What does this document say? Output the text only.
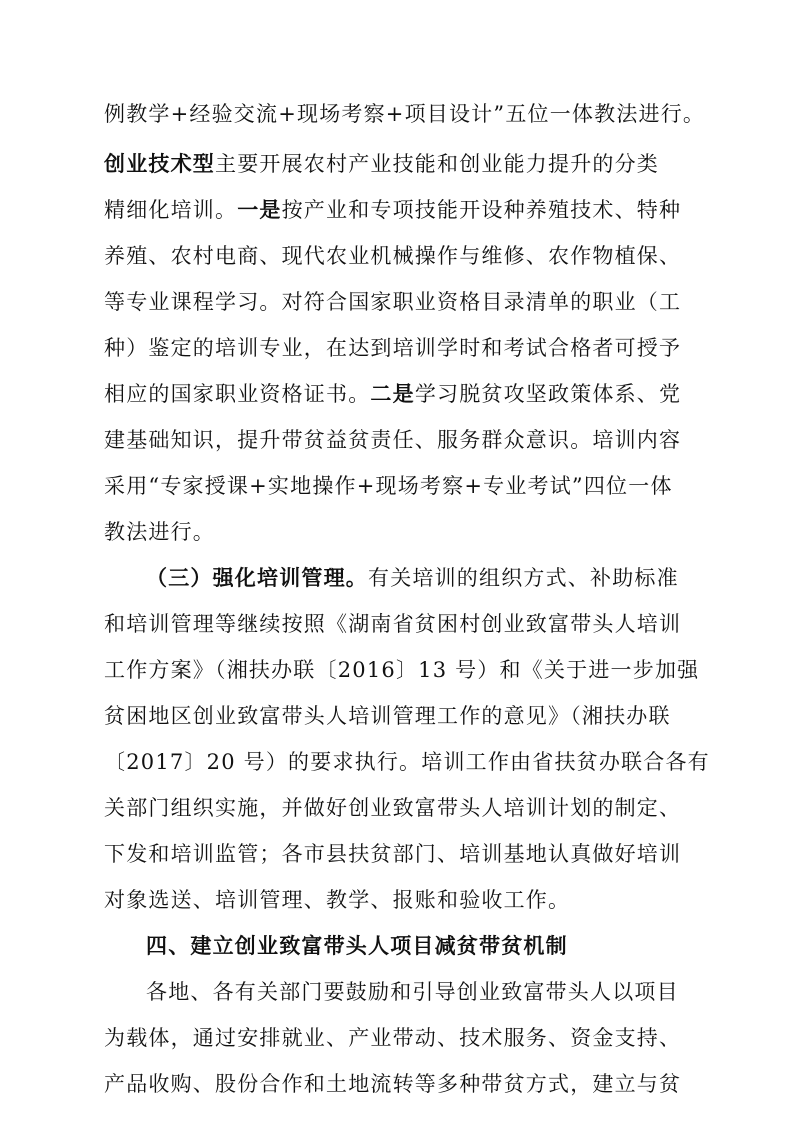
例教学+经验交流+现场考察+项目设计”五位一体教法进行。
创业技术型主要开展农村产业技能和创业能力提升的分类
精细化培训。一是按产业和专项技能开设种养殖技术、特种
养殖、农村电商、现代农业机械操作与维修、农作物植保、
等专业课程学习。对符合国家职业资格目录清单的职业（工
种）鉴定的培训专业，在达到培训学时和考试合格者可授予
相应的国家职业资格证书。二是学习脱贫攻坚政策体系、党
建基础知识，提升带贫益贫责任、服务群众意识。培训内容
采用“专家授课+实地操作+现场考察+专业考试”四位一体
教法进行。
（三）强化培训管理。有关培训的组织方式、补助标准
和培训管理等继续按照《湖南省贫困村创业致富带头人培训
工作方案》（湘扶办联〔2016〕13 号）和《关于进一步加强
贫困地区创业致富带头人培训管理工作的意见》（湘扶办联
〔2017〕20 号）的要求执行。培训工作由省扶贫办联合各有
关部门组织实施，并做好创业致富带头人培训计划的制定、
下发和培训监管；各市县扶贫部门、培训基地认真做好培训
对象选送、培训管理、教学、报账和验收工作。
四、建立创业致富带头人项目减贫带贫机制
各地、各有关部门要鼓励和引导创业致富带头人以项目
为载体，通过安排就业、产业带动、技术服务、资金支持、
产品收购、股份合作和土地流转等多种带贫方式，建立与贫
